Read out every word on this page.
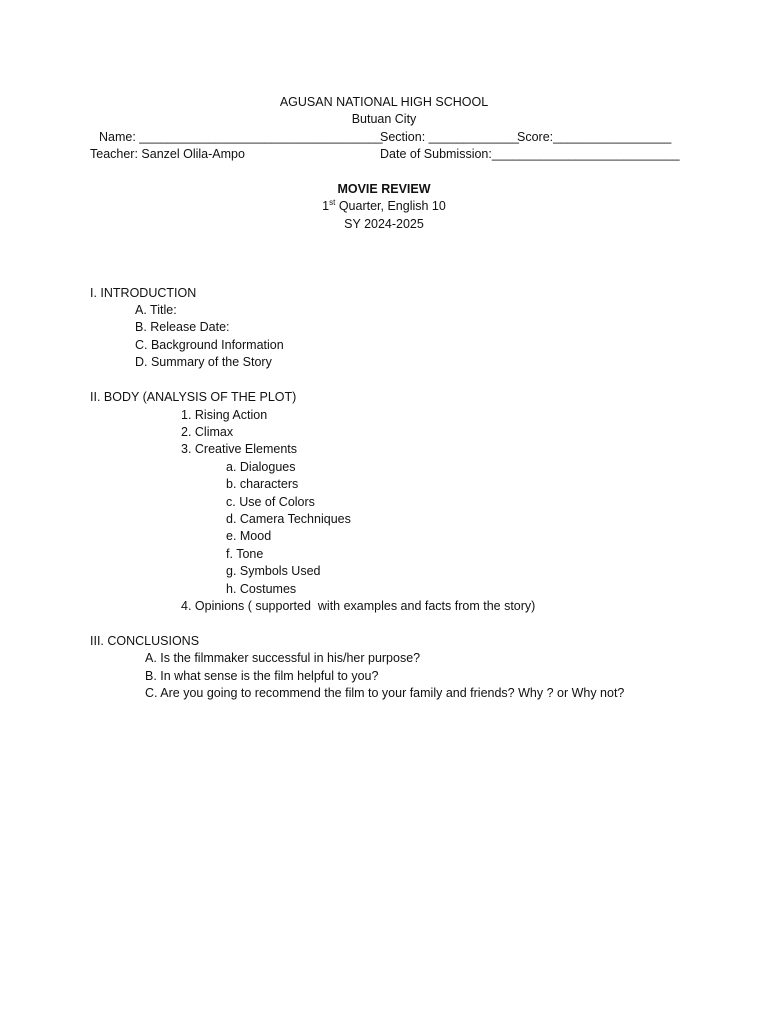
AGUSAN NATIONAL HIGH SCHOOL
Butuan City
Name: ___________________________________
Section: _____________
Score:_________________
Teacher: Sanzel Olila-Ampo	Date of Submission:___________________________
MOVIE REVIEW
1st Quarter, English 10
SY 2024-2025
I. INTRODUCTION
A. Title:
B. Release Date:
C. Background Information
D. Summary of the Story
II. BODY (ANALYSIS OF THE PLOT)
1. Rising Action
2. Climax
3. Creative Elements
a. Dialogues
b. characters
c. Use of Colors
d. Camera Techniques
e. Mood
f. Tone
g. Symbols Used
h. Costumes
4. Opinions ( supported  with examples and facts from the story)
III. CONCLUSIONS
A. Is the filmmaker successful in his/her purpose?
B. In what sense is the film helpful to you?
C. Are you going to recommend the film to your family and friends? Why ? or Why not?
